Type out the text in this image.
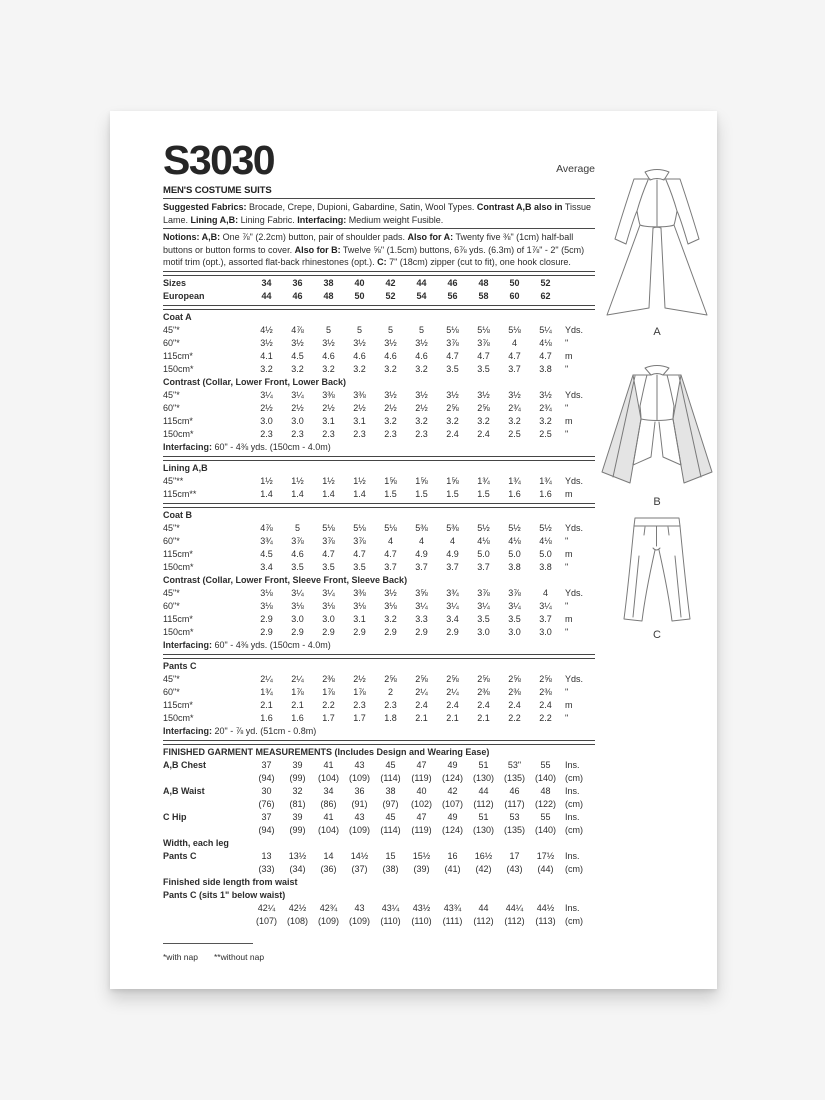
S3030	Average
MEN'S COSTUME SUITS
Suggested Fabrics: Brocade, Crepe, Dupioni, Gabardine, Satin, Wool Types. Contrast A,B also in Tissue Lame. Lining A,B: Lining Fabric. Interfacing: Medium weight Fusible.
Notions: A,B: One ⅞" (2.2cm) button, pair of shoulder pads. Also for A: Twenty five ⅜" (1cm) half-ball buttons or button forms to cover. Also for B: Twelve ⅝" (1.5cm) buttons, 6⅞ yds. (6.3m) of 1⅞" - 2" (5cm) motif trim (opt.), assorted flat-back rhinestones (opt.). C: 7" (18cm) zipper (cut to fit), one hook closure.
Sizes	34	36	38	40	42	44	46	48	50	52
European	44	46	48	50	52	54	56	58	60	62
Coat A
45"*	4½	4⅞	5	5	5	5	5⅛	5⅛	5⅛	5¼	Yds.
60"*	3½	3½	3½	3½	3½	3½	3⅞	3⅞	4	4⅛	"
115cm*	4.1	4.5	4.6	4.6	4.6	4.6	4.7	4.7	4.7	4.7	m
150cm*	3.2	3.2	3.2	3.2	3.2	3.2	3.5	3.5	3.7	3.8	"
Contrast (Collar, Lower Front, Lower Back)
45"*	3¼	3¼	3⅜	3⅜	3½	3½	3½	3½	3½	3½	Yds.
60"*	2½	2½	2½	2½	2½	2½	2⅝	2⅝	2¾	2¾	"
115cm*	3.0	3.0	3.1	3.1	3.2	3.2	3.2	3.2	3.2	3.2	m
150cm*	2.3	2.3	2.3	2.3	2.3	2.3	2.4	2.4	2.5	2.5	"
Interfacing: 60" - 4⅜ yds. (150cm - 4.0m)
Lining A,B
45"**	1½	1½	1½	1½	1⅝	1⅝	1⅝	1¾	1¾	1¾	Yds.
115cm**	1.4	1.4	1.4	1.4	1.5	1.5	1.5	1.5	1.6	1.6	m
Coat B
45"*	4⅞	5	5⅛	5⅛	5⅛	5⅜	5⅜	5½	5½	5½	Yds.
60"*	3¾	3⅞	3⅞	3⅞	4	4	4	4⅛	4⅛	4⅛	"
115cm*	4.5	4.6	4.7	4.7	4.7	4.9	4.9	5.0	5.0	5.0	m
150cm*	3.4	3.5	3.5	3.5	3.7	3.7	3.7	3.7	3.8	3.8	"
Contrast (Collar, Lower Front, Sleeve Front, Sleeve Back)
45"*	3⅛	3¼	3¼	3⅜	3½	3⅝	3¾	3⅞	3⅞	4	Yds.
60"*	3⅛	3⅛	3⅛	3⅛	3⅛	3¼	3¼	3¼	3¼	3¼	"
115cm*	2.9	3.0	3.0	3.1	3.2	3.3	3.4	3.5	3.5	3.7	m
150cm*	2.9	2.9	2.9	2.9	2.9	2.9	2.9	3.0	3.0	3.0	"
Interfacing: 60" - 4⅜ yds. (150cm - 4.0m)
Pants C
45"*	2¼	2¼	2⅜	2½	2⅝	2⅝	2⅝	2⅝	2⅝	2⅝	Yds.
60"*	1¾	1⅞	1⅞	1⅞	2	2¼	2¼	2⅜	2⅜	2⅜	"
115cm*	2.1	2.1	2.2	2.3	2.3	2.4	2.4	2.4	2.4	2.4	m
150cm*	1.6	1.6	1.7	1.7	1.8	2.1	2.1	2.1	2.2	2.2	"
Interfacing: 20" - ⅞ yd. (51cm - 0.8m)
FINISHED GARMENT MEASUREMENTS (Includes Design and Wearing Ease)
A,B Chest	37	39	41	43	45	47	49	51	53"	55	Ins.
(94)	(99)	(104)	(109)	(114)	(119)	(124)	(130)	(135)	(140)	(cm)
A,B Waist	30	32	34	36	38	40	42	44	46	48	Ins.
(76)	(81)	(86)	(91)	(97)	(102)	(107)	(112)	(117)	(122)	(cm)
C Hip	37	39	41	43	45	47	49	51	53	55	Ins.
(94)	(99)	(104)	(109)	(114)	(119)	(124)	(130)	(135)	(140)	(cm)
Width, each leg
Pants C	13	13½	14	14½	15	15½	16	16½	17	17½	Ins.
(33)	(34)	(36)	(37)	(38)	(39)	(41)	(42)	(43)	(44)	(cm)
Finished side length from waist
Pants C (sits 1" below waist)
42¼	42½	42¾	43	43¼	43½	43¾	44	44¼	44½	Ins.
(107)	(108)	(109)	(109)	(110)	(110)	(111)	(112)	(112)	(113)	(cm)
*with nap **without nap
A
B
C
